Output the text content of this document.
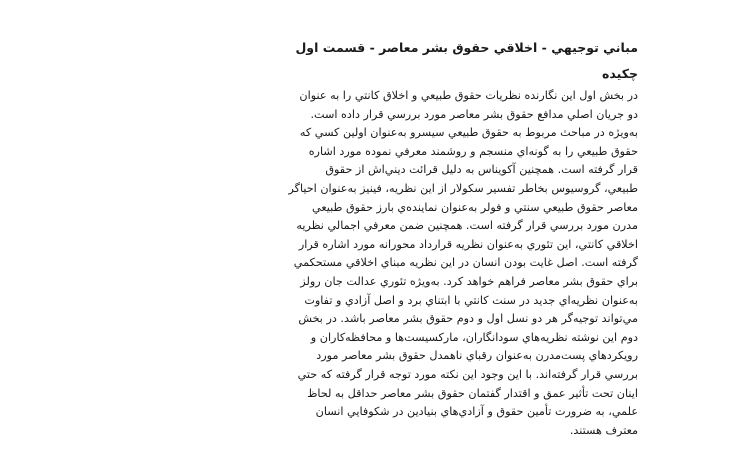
مباني توجيهي - اخلاقي حقوق بشر معاصر - قسمت اول
چكيده
در بخش اول اين نگارنده نظريات حقوق طبيعي و اخلاق كانتي را به عنوان
دو جريان اصلي مدافع حقوق بشر معاصر مورد بررسي قرار داده است.
به‌ويژه در مباحث مربوط به حقوق طبيعي سيسرو به‌عنوان اولين كسي كه
حقوق طبيعي را به گونه‌اي منسجم و روشمند معرفي نموده مورد اشاره
قرار گرفته است. همچنين آكويناس به دليل قرائت ديني‌اش از حقوق
طبيعي، گروسيوس بخاطر تفسير سكولار از اين نظريه، فينيز به‌عنوان احياگر
معاصر حقوق طبيعي سنتي و فولر به‌عنوان نماينده‌ي بارز حقوق طبيعي
مدرن مورد بررسي قرار گرفته است. همچنين ضمن معرفي اجمالي نظريه
اخلاقي كانتي، اين تئوري به‌عنوان نظريه قرارداد محورانه مورد اشاره قرار
گرفته است. اصل غايت بودن انسان در اين نظريه مبناي اخلاقي مستحكمي
براي حقوق بشر معاصر فراهم خواهد كرد. به‌ويژه تئوري عدالت جان رولز
به‌عنوان نظريه‌اي جديد در سنت كانتي با ابتناي برد و اصل آزادي و تفاوت
مي‌تواند توجيه‌گر هر دو نسل اول و دوم حقوق بشر معاصر باشد. در بخش
دوم اين نوشته نظريه‌هاي سودانگاران، ماركسيست‌ها و محافظه‌كاران و
رويكردهاي پست‌مدرن به‌عنوان رقباي ناهمدل حقوق بشر معاصر مورد
بررسي قرار گرفته‌اند. با اين وجود اين نكته مورد توجه قرار گرفته كه حتي
اينان تحت تأثير عمق و اقتدار گفتمان حقوق بشر معاصر حداقل به لحاظ
علمي، به ضرورت تأمين حقوق و آزادي‌هاي بنيادين در شكوفايي انسان
معترف هستند.
